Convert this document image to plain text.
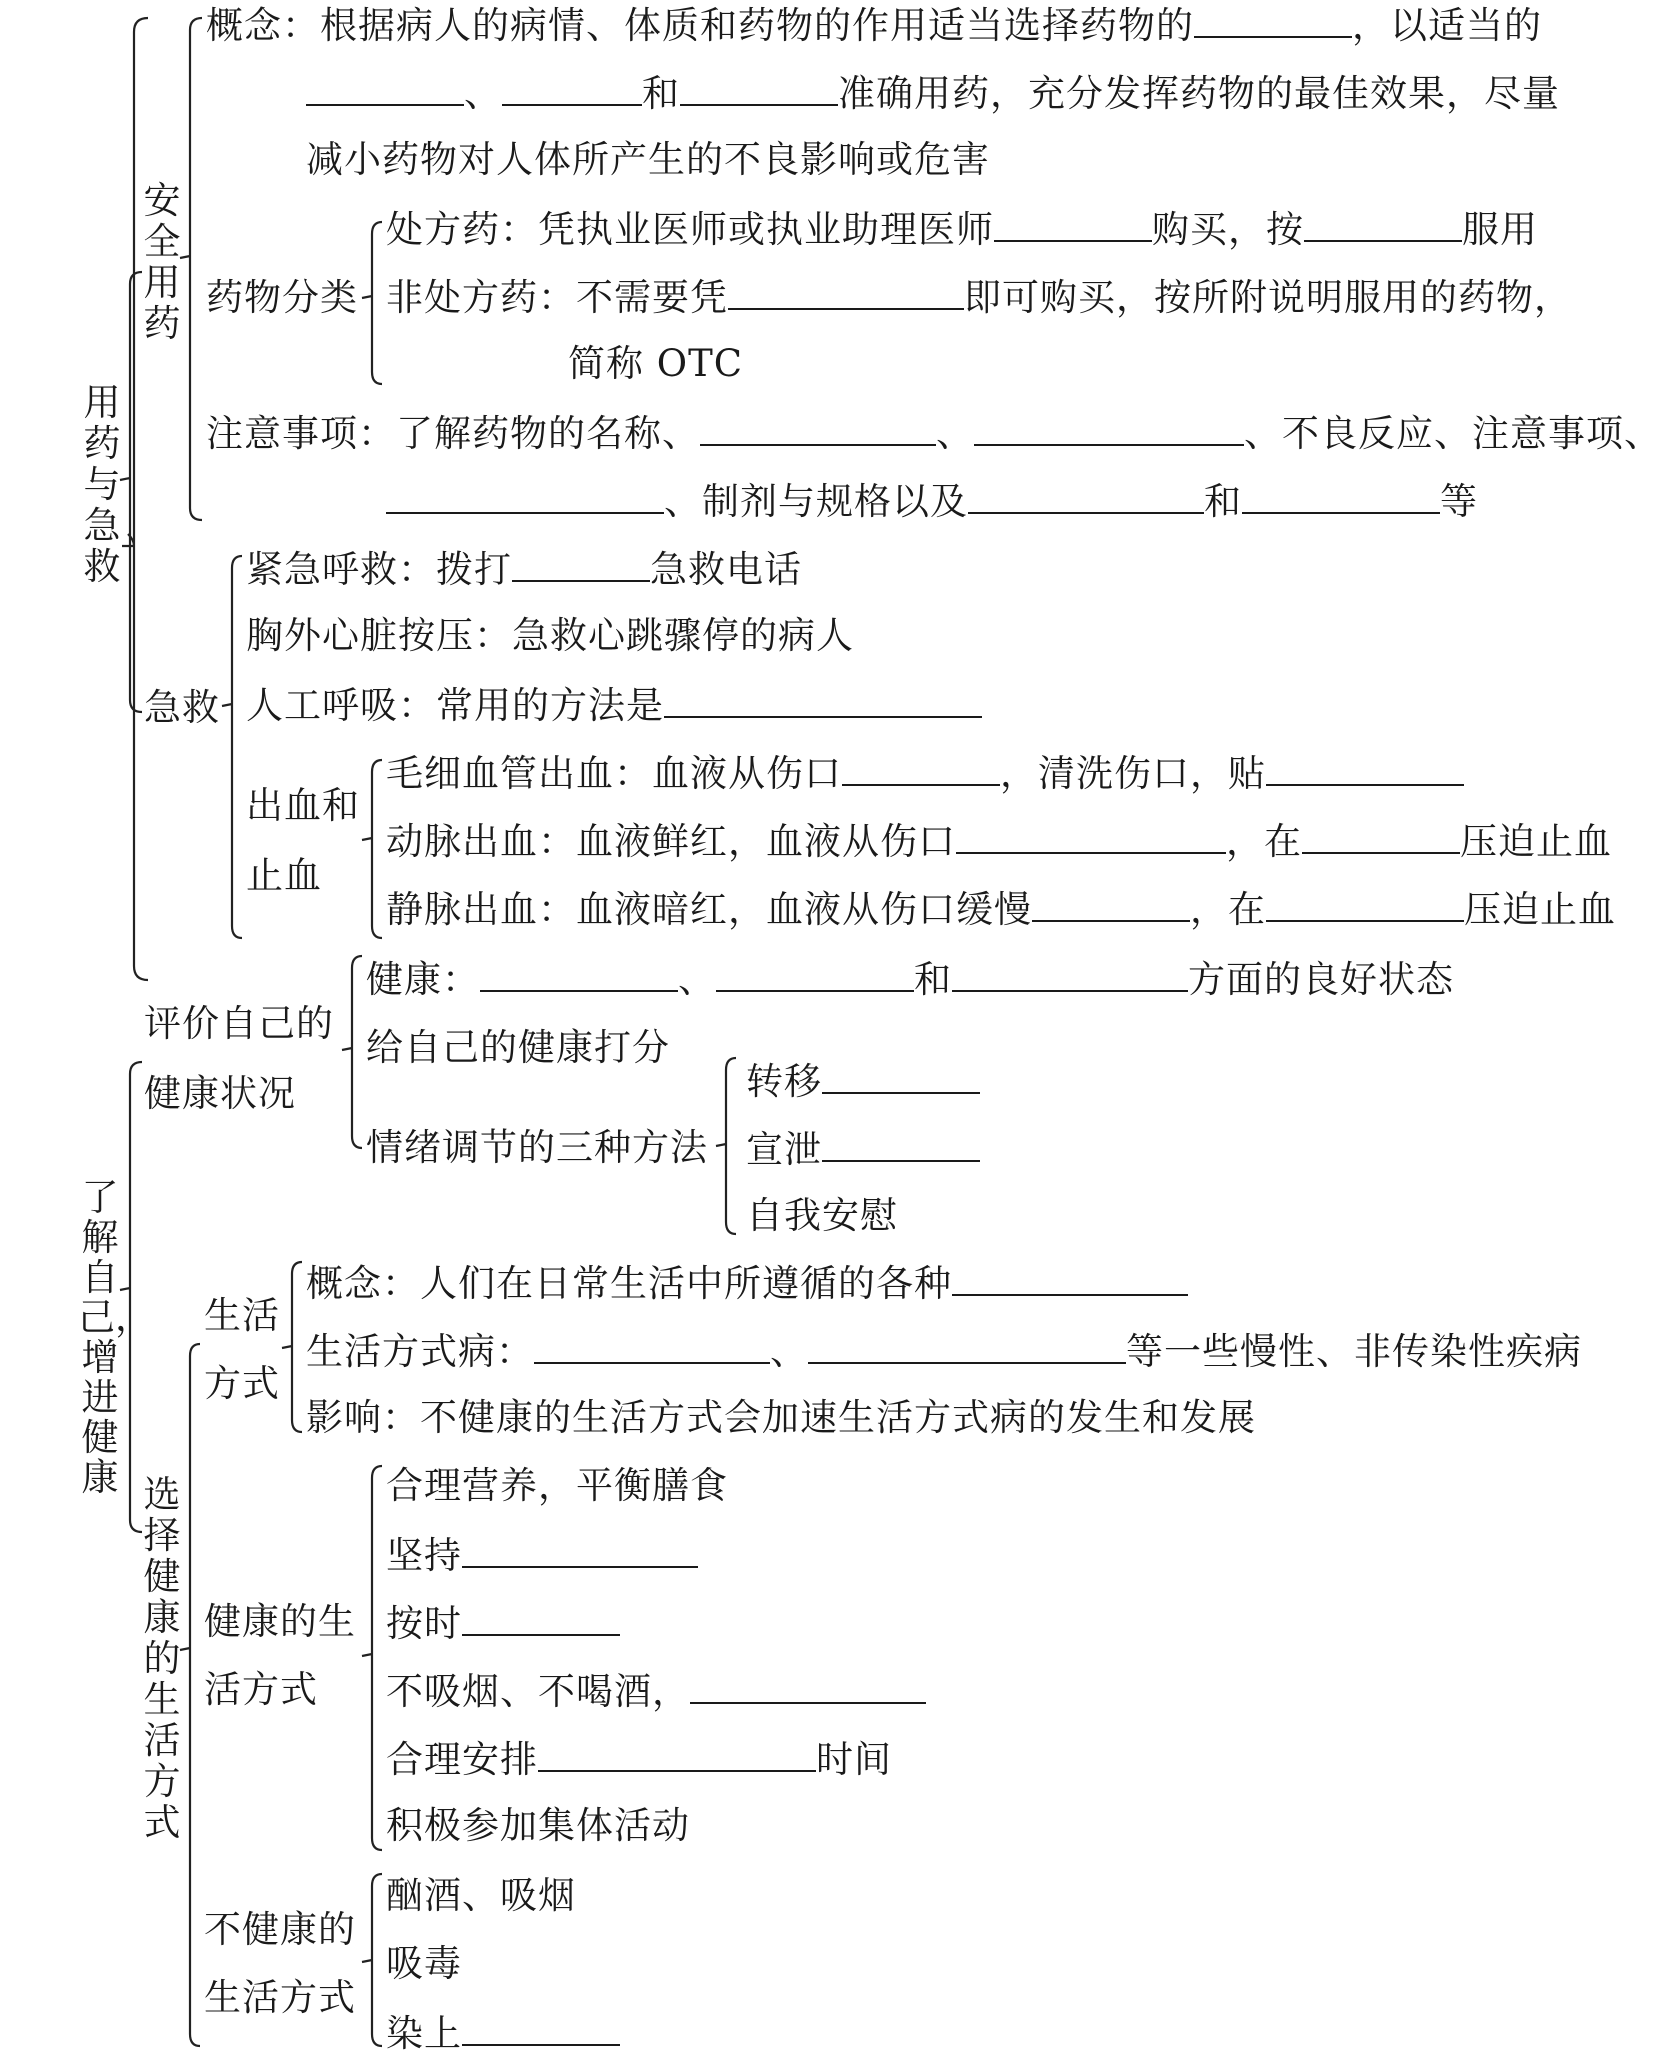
用药与急救
安全用药
了解自己，增进健康 选择健康的生活方式
概念：根据病人的病情、体质和药物的作用适当选择药物的	，以适当的
、	和	准确用药，充分发挥药物的最佳效果，尽量
减小药物对人体所产生的不良影响或危害
药物分类
处方药：凭执业医师或执业助理医师	购买，按	服用
非处方药：不需要凭	即可购买，按所附说明服用的药物，
简称 OTC
注意事项：了解药物的名称、	、	、不良反应、注意事项、
、制剂与规格以及	和	等
急救
紧急呼救：拨打	急救电话
胸外心脏按压：急救心跳骤停的病人
人工呼吸：常用的方法是
出血和
止血
毛细血管出血：血液从伤口	，清洗伤口，贴
动脉出血：血液鲜红，血液从伤口	，在	压迫止血
静脉出血：血液暗红，血液从伤口缓慢	，在	压迫止血
评价自己的
健康状况
健康：	、	和	方面的良好状态
给自己的健康打分
情绪调节的三种方法
转移
宣泄
自我安慰
生活
方式
概念：人们在日常生活中所遵循的各种
生活方式病：	、	等一些慢性、非传染性疾病
影响：不健康的生活方式会加速生活方式病的发生和发展
健康的生
活方式
合理营养，平衡膳食
坚持
按时
不吸烟、不喝酒，
合理安排	时间
积极参加集体活动
不健康的
生活方式
酗酒、吸烟
吸毒
染上
